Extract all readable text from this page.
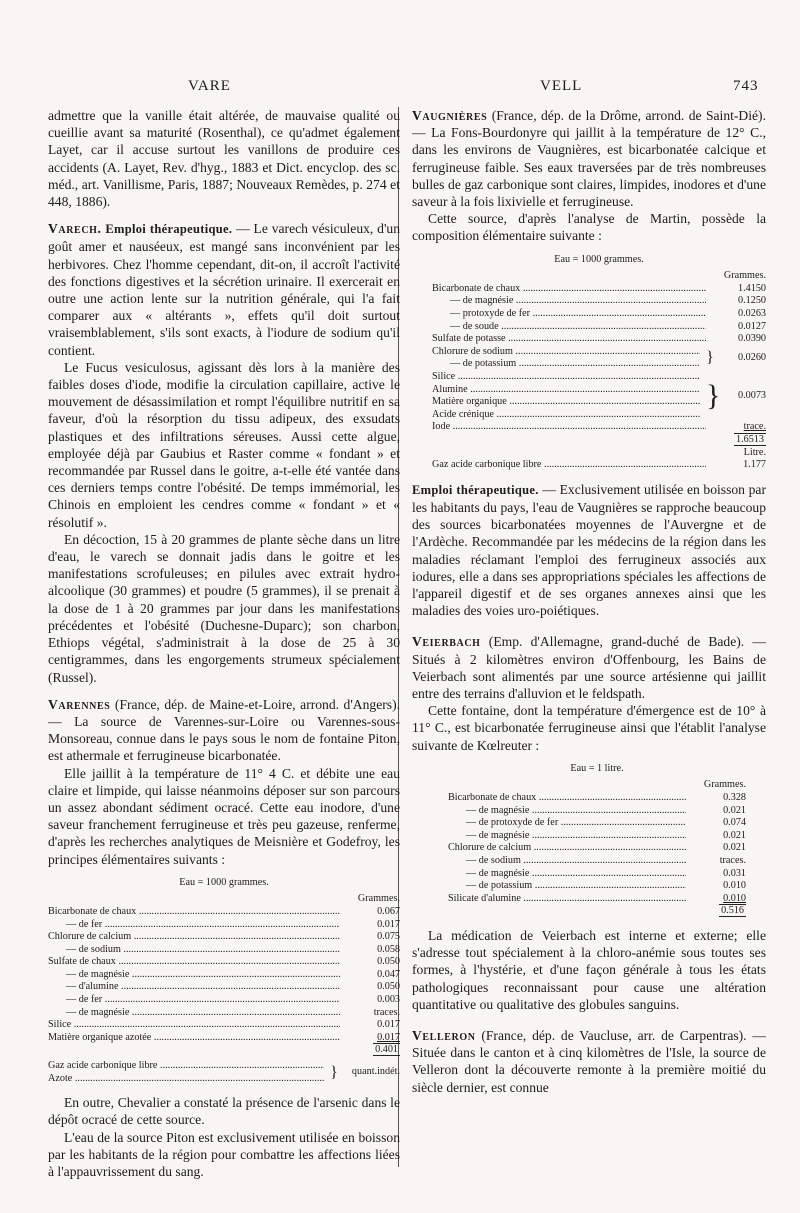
VARE	VELL	743

admettre que la vanille était altérée, de mauvaise qualité ou cueillie avant sa maturité (Rosenthal), ce qu'admet également Layet, car il accuse surtout les vanillons de produire ces accidents (A. Layet, Rev. d'hyg., 1883 et Dict. encyclop. des sc. méd., art. Vanillisme, Paris, 1887; Nouveaux Remèdes, p. 274 et 448, 1886).

Varech. Emploi thérapeutique. — Le varech vésiculeux, d'un goût amer et nauséeux, est mangé sans inconvénient par les herbivores. Chez l'homme cependant, dit-on, il accroît l'activité des fonctions digestives et la sécrétion urinaire. Il exercerait en outre une action lente sur la nutrition générale, qui l'a fait comparer aux « altérants », effets qu'il doit surtout vraisemblablement, s'ils sont exacts, à l'iodure de sodium qu'il contient.

Le Fucus vesiculosus, agissant dès lors à la manière des faibles doses d'iode, modifie la circulation capillaire, active le mouvement de désassimilation et rompt l'équilibre nutritif en sa faveur, d'où la résorption du tissu adipeux, des exsudats plastiques et des infiltrations séreuses. Aussi cette algue, employée déjà par Gaubius et Raster comme « fondant » et recommandée par Russel dans le goitre, a-t-elle été vantée dans ces derniers temps contre l'obésité. De temps immémorial, les Chinois en emploient les cendres comme « fondant » et « résolutif ».

En décoction, 15 à 20 grammes de plante sèche dans un litre d'eau, le varech se donnait jadis dans le goitre et les manifestations scrofuleuses; en pilules avec extrait hydro-alcoolique (30 grammes) et poudre (5 grammes), il se prenait à la dose de 1 à 20 grammes par jour dans les manifestations précédentes et l'obésité (Duchesne-Duparc); son charbon, Ethiops végétal, s'administrait à la dose de 25 à 30 centigrammes, dans les engorgements strumeux spécialement (Russel).

Varennes (France, dép. de Maine-et-Loire, arrond. d'Angers). — La source de Varennes-sur-Loire ou Varennes-sous-Monsoreau, connue dans le pays sous le nom de fontaine Piton, est athermale et ferrugineuse bicarbonatée.

Elle jaillit à la température de 11° 4 C. et débite une eau claire et limpide, qui laisse néanmoins déposer sur son parcours un assez abondant sédiment ocracé. Cette eau inodore, d'une saveur franchement ferrugineuse et très peu gazeuse, renferme, d'après les recherches analytiques de Meisnière et Godefroy, les principes élémentaires suivants :

Eau = 1000 grammes.
Grammes.
Bicarbonate de chaux .....	0.067
— de fer .....	0.017
Chlorure de calcium .....	0.075
— de sodium .....	0.058
Sulfate de chaux .....	0.050
— de magnésie .....	0.047
— d'alumine .....	0.050
— de fer .....	0.003
— de magnésie .....	traces.
Silice .....	0.017
Matière organique azotée .....	0.017
0.401
Gaz acide carbonique libre .....
Azote .....	}	quant.indét.

En outre, Chevalier a constaté la présence de l'arsenic dans le dépôt ocracé de cette source.

L'eau de la source Piton est exclusivement utilisée en boisson par les habitants de la région pour combattre les affections liées à l'appauvrissement du sang.

Vaugnières (France, dép. de la Drôme, arrond. de Saint-Dié). — La Fons-Bourdonyre qui jaillit à la température de 12° C., dans les environs de Vaugnières, est bicarbonatée calcique et ferrugineuse faible. Ses eaux traversées par de très nombreuses bulles de gaz carbonique sont claires, limpides, inodores et d'une saveur à la fois lixivielle et ferrugineuse.

Cette source, d'après l'analyse de Martin, possède la composition élémentaire suivante :

Eau = 1000 grammes.
Grammes.
Bicarbonate de chaux .....	1.4150
— de magnésie .....	0.1250
— protoxyde de fer .....	0.0263
— de soude .....	0.0127
Sulfate de potasse .....	0.0390
Chlorure de sodium .....
— de potassium .....	}	0.0260
Silice .....
Alumine .....
Matière organique .....
Acide crénique .....
}	0.0073
Iode .....	trace.
1.6513
Litre.
Gaz acide carbonique libre .....	1.177

Emploi thérapeutique. — Exclusivement utilisée en boisson par les habitants du pays, l'eau de Vaugnières se rapproche beaucoup des sources bicarbonatées moyennes de l'Auvergne et de l'Ardèche. Recommandée par les médecins de la région dans les maladies réclamant l'emploi des ferrugineux associés aux iodures, elle a dans ses appropriations spéciales les affections de l'appareil digestif et de ses organes annexes ainsi que les maladies des voies uro-poiétiques.

Veierbach (Emp. d'Allemagne, grand-duché de Bade). — Situés à 2 kilomètres environ d'Offenbourg, les Bains de Veierbach sont alimentés par une source artésienne qui jaillit entre des terrains d'alluvion et le feldspath.

Cette fontaine, dont la température d'émergence est de 10° à 11° C., est bicarbonatée ferrugineuse ainsi que l'établit l'analyse suivante de Kœlreuter :

Eau = 1 litre.
Grammes.
Bicarbonate de chaux .....	0.328
— de magnésie .....	0.021
— de protoxyde de fer .....	0.074
— de magnésie .....	0.021
Chlorure de calcium .....	0.021
— de sodium .....	traces.
— de magnésie .....	0.031
— de potassium .....	0.010
Silicate d'alumine .....	0.010
0.516

La médication de Veierbach est interne et externe; elle s'adresse tout spécialement à la chloro-anémie sous toutes ses formes, à l'hystérie, et d'une façon générale à tous les états pathologiques reconnaissant pour cause une altération quantitative ou qualitative des globules sanguins.

Velleron (France, dép. de Vaucluse, arr. de Carpentras). — Située dans le canton et à cinq kilomètres de l'Isle, la source de Velleron dont la découverte remonte à la première moitié du siècle dernier, est connue
